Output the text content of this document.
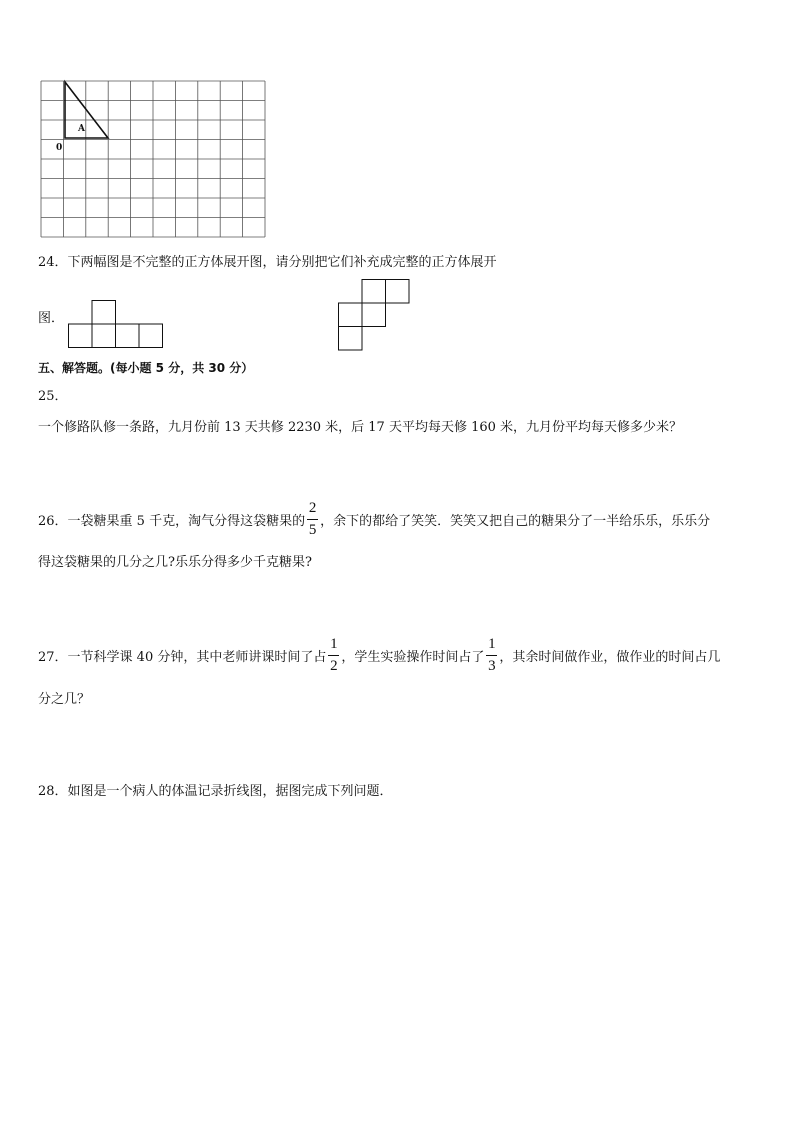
A
0
24．下两幅图是不完整的正方体展开图，请分别把它们补充成完整的正方体展开
图．
五、解答题。(每小题 5 分，共 30 分）
25．
一个修路队修一条路，九月份前 13 天共修 2230 米，后 17 天平均每天修 160 米，九月份平均每天修多少米？
26．一袋糖果重 5 千克，淘气分得这袋糖果的 $\frac{2}{5}$ ，余下的都给了笑笑．笑笑又把自己的糖果分了一半给乐乐，乐乐分
得这袋糖果的几分之几?乐乐分得多少千克糖果?
27．一节科学课 40 分钟，其中老师讲课时间了占 $\frac{1}{2}$ ，学生实验操作时间占了 $\frac{1}{3}$ ，其余时间做作业，做作业的时间占几
分之几？
28．如图是一个病人的体温记录折线图，据图完成下列问题．
